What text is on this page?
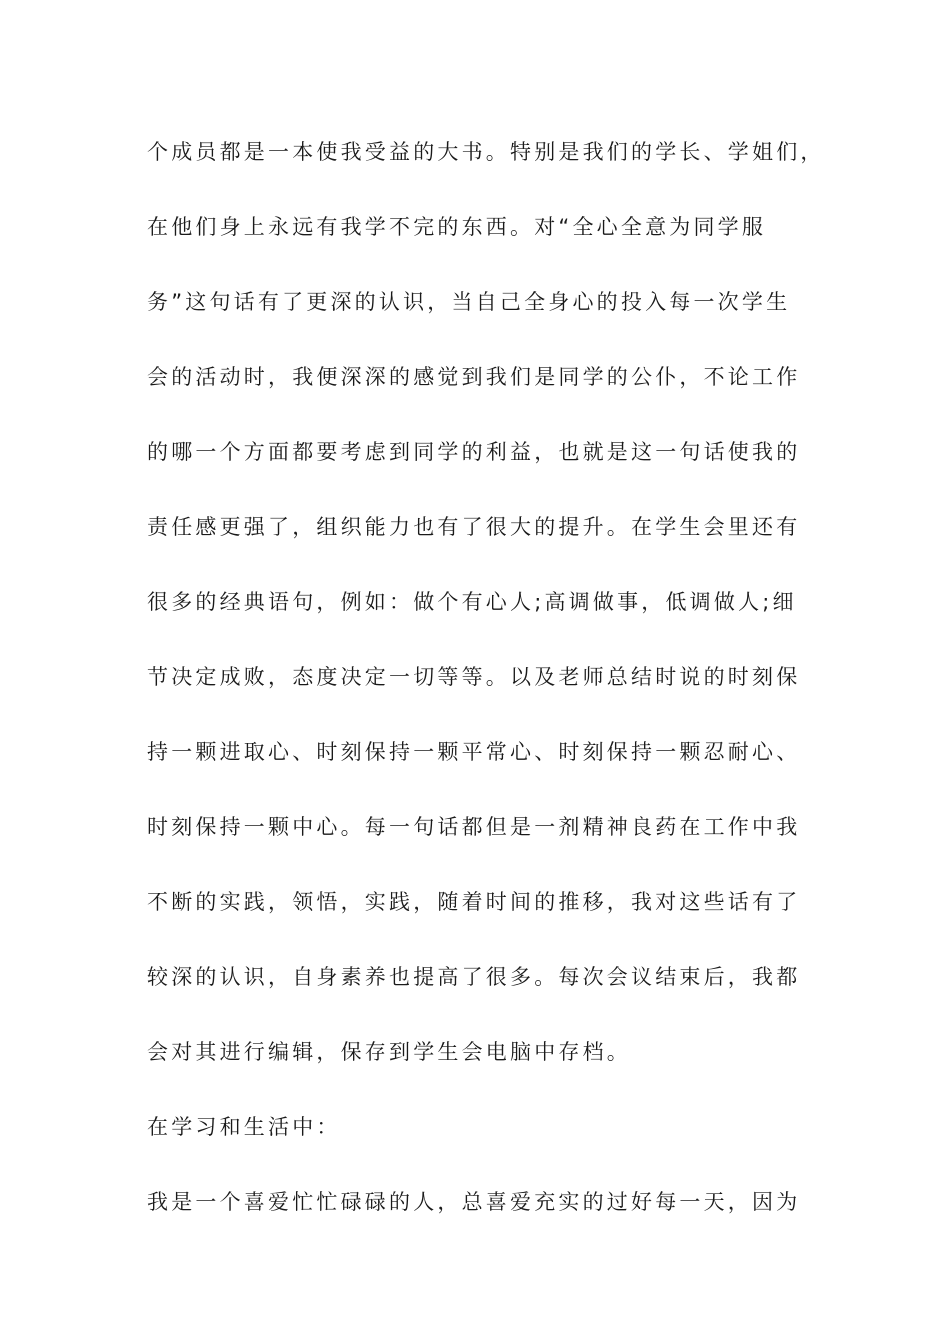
个成员都是一本使我受益的大书。特别是我们的学长、学姐们，
在他们身上永远有我学不完的东西。对“全心全意为同学服
务”这句话有了更深的认识，当自己全身心的投入每一次学生
会的活动时，我便深深的感觉到我们是同学的公仆，不论工作
的哪一个方面都要考虑到同学的利益，也就是这一句话使我的
责任感更强了，组织能力也有了很大的提升。在学生会里还有
很多的经典语句，例如：做个有心人;高调做事，低调做人;细
节决定成败，态度决定一切等等。以及老师总结时说的时刻保
持一颗进取心、时刻保持一颗平常心、时刻保持一颗忍耐心、
时刻保持一颗中心。每一句话都但是一剂精神良药在工作中我
不断的实践，领悟，实践，随着时间的推移，我对这些话有了
较深的认识，自身素养也提高了很多。每次会议结束后，我都
会对其进行编辑，保存到学生会电脑中存档。
在学习和生活中：
我是一个喜爱忙忙碌碌的人，总喜爱充实的过好每一天，因为
